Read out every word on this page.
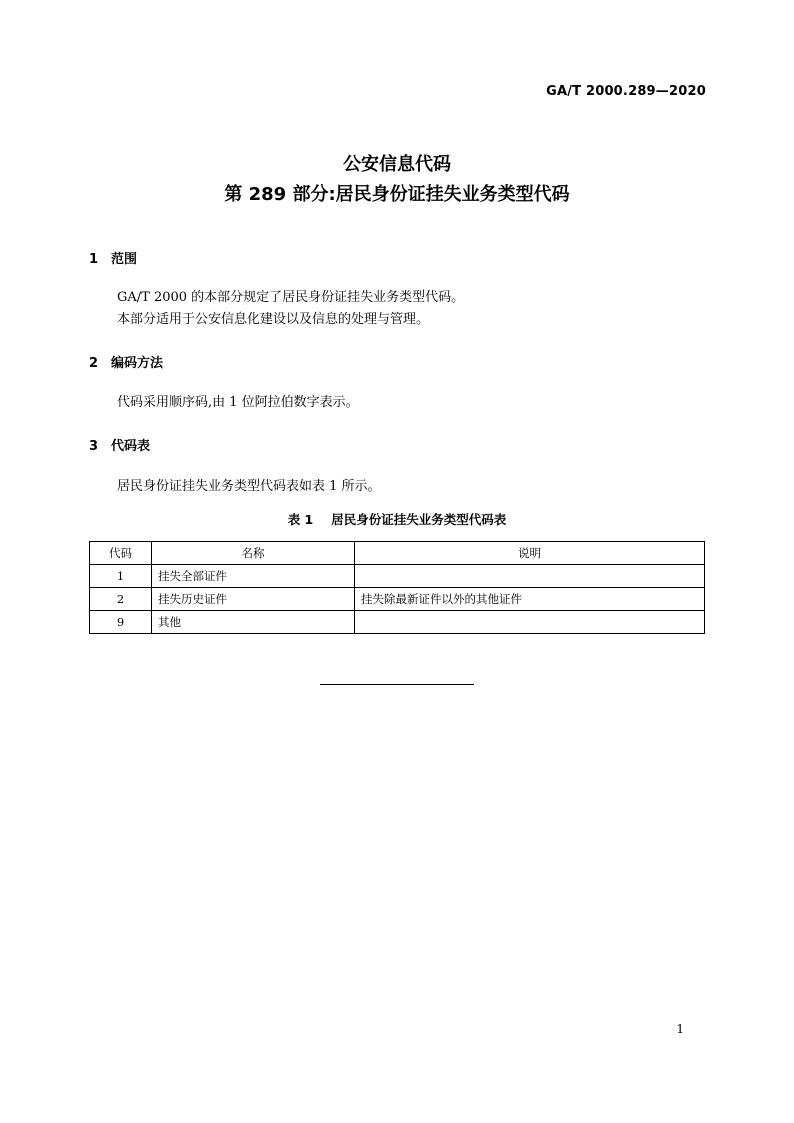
GA/T 2000.289—2020
公安信息代码
第 289 部分:居民身份证挂失业务类型代码
1 范围
GA/T 2000 的本部分规定了居民身份证挂失业务类型代码。
本部分适用于公安信息化建设以及信息的处理与管理。
2 编码方法
代码采用顺序码,由 1 位阿拉伯数字表示。
3 代码表
居民身份证挂失业务类型代码表如表 1 所示。
表 1 居民身份证挂失业务类型代码表
代码	名称	说明
1	挂失全部证件	
2	挂失历史证件	挂失除最新证件以外的其他证件
9	其他	
1
